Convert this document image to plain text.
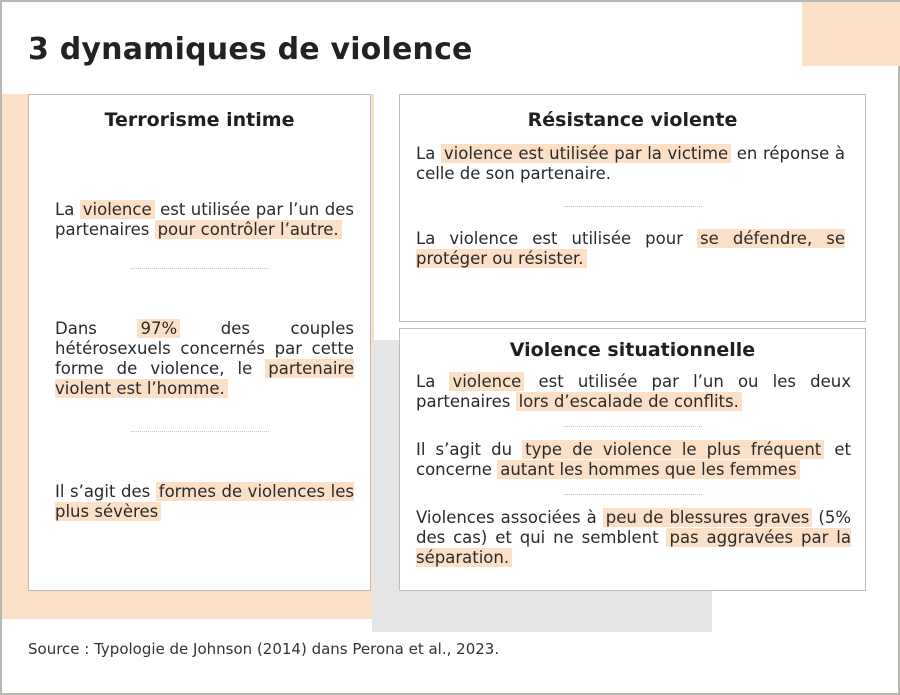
3 dynamiques de violence
Terrorisme intime

La violence est utilisée par l’un des partenaires pour contrôler l’autre.

Dans 97% des couples hétérosexuels concernés par cette forme de violence, le partenaire violent est l’homme.

Il s’agit des formes de violences les plus sévères

Résistance violente

La violence est utilisée par la victime en réponse à celle de son partenaire.

La violence est utilisée pour se défendre, se protéger ou résister.

Violence situationnelle

La violence est utilisée par l’un ou les deux partenaires lors d’escalade de conflits.

Il s’agit du type de violence le plus fréquent et concerne autant les hommes que les femmes

Violences associées à peu de blessures graves (5% des cas) et qui ne semblent pas aggravées par la séparation.

Source : Typologie de Johnson (2014) dans Perona et al., 2023.
